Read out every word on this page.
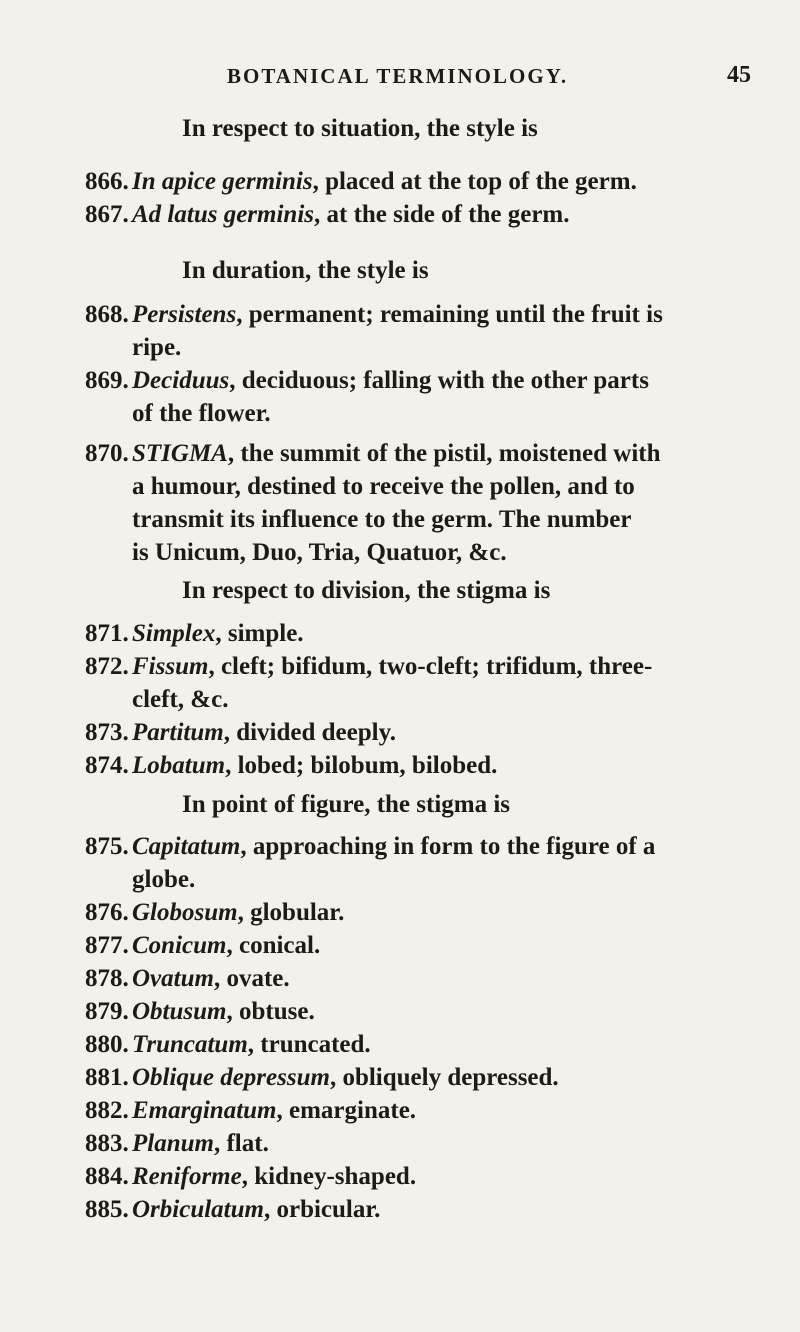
BOTANICAL TERMINOLOGY.	45
In respect to situation, the style is
866. In apice germinis, placed at the top of the germ.
867. Ad latus germinis, at the side of the germ.
In duration, the style is
868. Persistens, permanent; remaining until the fruit is
ripe.
869. Deciduus, deciduous; falling with the other parts
of the flower.
870. STIGMA, the summit of the pistil, moistened with
a humour, destined to receive the pollen, and to
transmit its influence to the germ. The number
is Unicum, Duo, Tria, Quatuor, &c.
In respect to division, the stigma is
871. Simplex, simple.
872. Fissum, cleft; bifidum, two-cleft; trifidum, three-
cleft, &c.
873. Partitum, divided deeply.
874. Lobatum, lobed; bilobum, bilobed.
In point of figure, the stigma is
875. Capitatum, approaching in form to the figure of a
globe.
876. Globosum, globular.
877. Conicum, conical.
878. Ovatum, ovate.
879. Obtusum, obtuse.
880. Truncatum, truncated.
881. Oblique depressum, obliquely depressed.
882. Emarginatum, emarginate.
883. Planum, flat.
884. Reniforme, kidney-shaped.
885. Orbiculatum, orbicular.
